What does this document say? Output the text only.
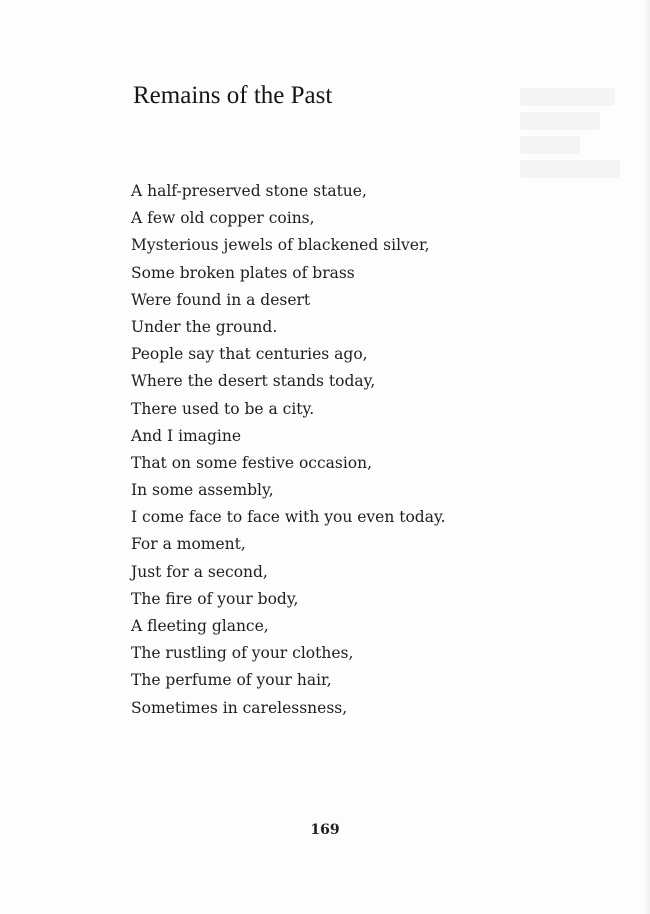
Remains of the Past
A half-preserved stone statue,
A few old copper coins,
Mysterious jewels of blackened silver,
Some broken plates of brass
Were found in a desert
Under the ground.
People say that centuries ago,
Where the desert stands today,
There used to be a city.
And I imagine
That on some festive occasion,
In some assembly,
I come face to face with you even today.
For a moment,
Just for a second,
The fire of your body,
A fleeting glance,
The rustling of your clothes,
The perfume of your hair,
Sometimes in carelessness,
169
